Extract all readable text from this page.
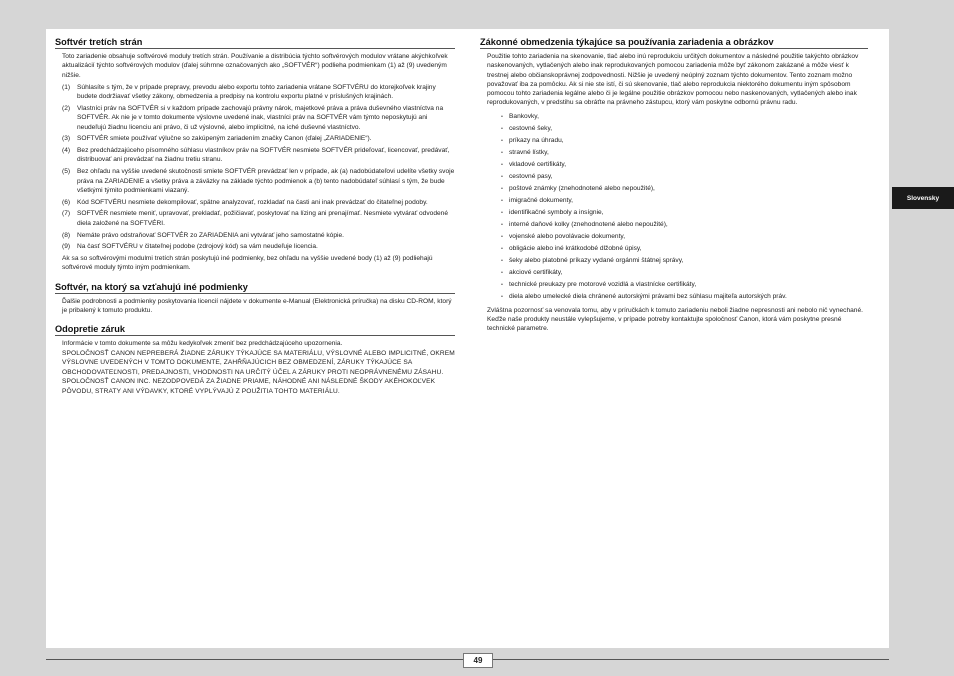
Softvér tretích strán

Toto zariadenie obsahuje softvérové moduly tretích strán. Používanie a distribúcia týchto softvérových modulov vrátane akýchkoľvek aktualizácií týchto softvérových modulov (ďalej súhrnne označovaných ako „SOFTVÉR“) podlieha podmienkam (1) až (9) uvedeným nižšie.

(1)	Súhlasíte s tým, že v prípade prepravy, prevodu alebo exportu tohto zariadenia vrátane SOFTVÉRU do ktorejkoľvek krajiny budete dodržiavať všetky zákony, obmedzenia a predpisy na kontrolu exportu platné v príslušných krajinách.
(2)	Vlastníci práv na SOFTVÉR si v každom prípade zachovajú právny nárok, majetkové práva a práva duševného vlastníctva na SOFTVÉR. Ak nie je v tomto dokumente výslovne uvedené inak, vlastníci práv na SOFTVÉR vám týmto neposkytujú ani neudeľujú žiadnu licenciu ani právo, či už výslovné, alebo implicitné, na iché duševné vlastníctvo.
(3)	SOFTVÉR smiete používať výlučne so zakúpeným zariadením značky Canon (ďalej „ZARIADENIE“).
(4)	Bez predchádzajúceho písomného súhlasu vlastníkov práv na SOFTVÉR nesmiete SOFTVÉR prideľovať, licencovať, predávať, distribuovať ani prevádzať na žiadnu tretiu stranu.
(5)	Bez ohľadu na vyššie uvedené skutočnosti smiete SOFTVÉR prevádzať len v prípade, ak (a) nadobúdateľovi udelíte všetky svoje práva na ZARIADENIE a všetky práva a záväzky na základe týchto podmienok a (b) tento nadobúdateľ súhlasí s tým, že bude všetkými týmito podmienkami viazaný.
(6)	Kód SOFTVÉRU nesmiete dekompilovať, spätne analyzovať, rozkladať na časti ani inak prevádzať do čitateľnej podoby.
(7)	SOFTVÉR nesmiete meniť, upravovať, prekladať, požičiavať, poskytovať na lízing ani prenajímať. Nesmiete vytvárať odvodené diela založené na SOFTVÉRI.
(8)	Nemáte právo odstraňovať SOFTVÉR zo ZARIADENIA ani vytvárať jeho samostatné kópie.
(9)	Na časť SOFTVÉRU v čitateľnej podobe (zdrojový kód) sa vám neudeľuje licencia.

Ak sa so softvérovými modulmi tretích strán poskytujú iné podmienky, bez ohľadu na vyššie uvedené body (1) až (9) podliehajú softvérové moduly týmto iným podmienkam.

Softvér, na ktorý sa vzťahujú iné podmienky

Ďalšie podrobnosti a podmienky poskytovania licencií nájdete v dokumente e-Manual (Elektronická príručka) na disku CD-ROM, ktorý je pribalený k tomuto produktu.

Odopretie záruk

Informácie v tomto dokumente sa môžu kedykoľvek zmeniť bez predchádzajúceho upozornenia.

SPOLOČNOSŤ CANON NEPREBERÁ ŽIADNE ZÁRUKY TÝKAJÚCE SA MATERIÁLU, VÝSLOVNÉ ALEBO IMPLICITNÉ, OKREM VÝSLOVNE UVEDENÝCH V TOMTO DOKUMENTE, ZAHŔŇAJÚCICH BEZ OBMEDZENÍ, ZÁRUKY TÝKAJÚCE SA OBCHODOVATEĽNOSTI, PREDAJNOSTI, VHODNOSTI NA URČITÝ ÚČEL A ZÁRUKY PROTI NEOPRÁVNENÉMU ZÁSAHU. SPOLOČNOSŤ CANON INC. NEZODPOVEDÁ ZA ŽIADNE PRIAME, NÁHODNÉ ANI NÁSLEDNÉ ŠKODY AKÉHOKOĽVEK PÔVODU, STRATY ANI VÝDAVKY, KTORÉ VYPLÝVAJÚ Z POUŽITIA TOHTO MATERIÁLU.

Zákonné obmedzenia týkajúce sa používania zariadenia a obrázkov

Použitie tohto zariadenia na skenovanie, tlač alebo inú reprodukciu určitých dokumentov a následné použitie takýchto obrázkov naskenovaných, vytlačených alebo inak reprodukovaných pomocou zariadenia môže byť zákonom zakázané a môže viesť k trestnej alebo občianskoprávnej zodpovednosti. Nižšie je uvedený neúplný zoznam týchto dokumentov. Tento zoznam možno považovať iba za pomôcku. Ak si nie ste istí, či sú skenovanie, tlač alebo reprodukcia niektorého dokumentu iným spôsobom pomocou tohto zariadenia legálne alebo či je legálne použitie obrázkov pomocou nebo naskenovaných, vytlačených alebo inak reprodukovaných, v predstihu sa obráťte na právneho zástupcu, ktorý vám poskytne odbornú právnu radu.

• Bankovky,
• cestovné šeky,
• príkazy na úhradu,
• stravné lístky,
• vkladové certifikáty,
• cestovné pasy,
• poštové známky (znehodnotené alebo nepoužité),
• imigračné dokumenty,
• identifikačné symboly a insígnie,
• interné daňové kolky (znehodnotené alebo nepoužité),
• vojenské alebo povolávacie dokumenty,
• obligácie alebo iné krátkodobé dlžobné úpisy,
• šeky alebo platobné príkazy vydané orgánmi štátnej správy,
• akciové certifikáty,
• technické preukazy pre motorové vozidlá a vlastnícke certifikáty,
• diela alebo umelecké diela chránené autorskými právami bez súhlasu majiteľa autorských práv.

Zvláštna pozornosť sa venovala tomu, aby v príručkách k tomuto zariadeniu neboli žiadne nepresnosti ani nebolo nič vynechané. Keďže naše produkty neustále vylepšujeme, v prípade potreby kontaktujte spoločnosť Canon, ktorá vám poskytne presné technické parametre.

Slovensky
49
